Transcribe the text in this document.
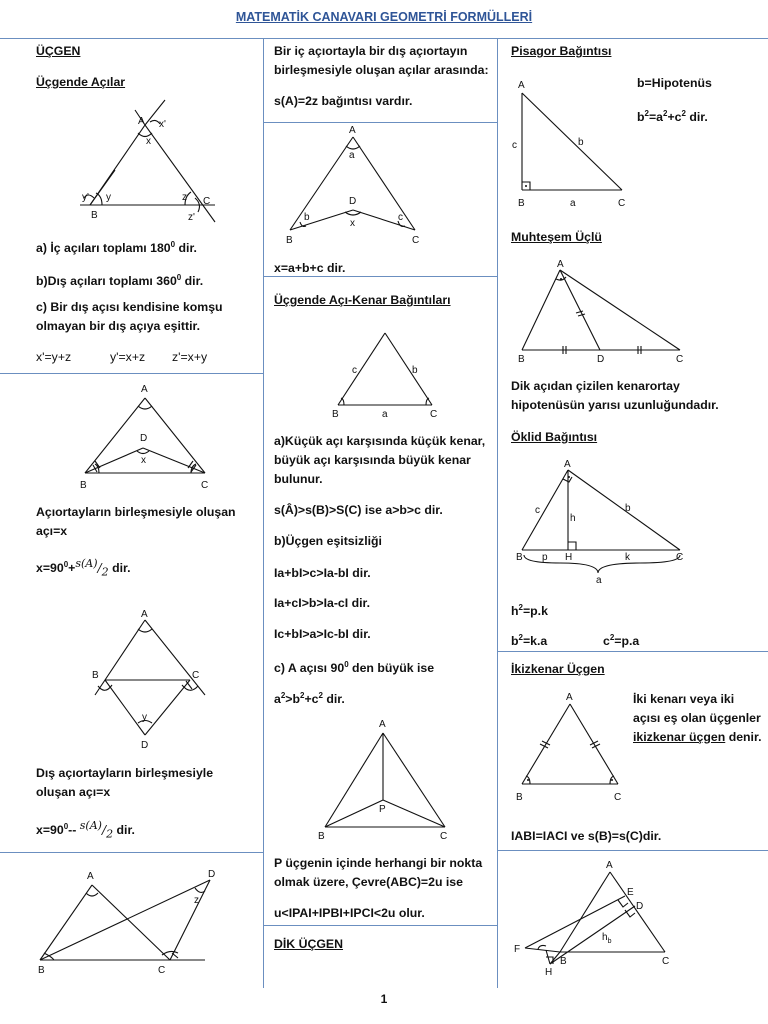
MATEMATİK CANAVARI GEOMETRİ FORMÜLLERİ
ÜÇGEN
Üçgende Açılar
A x'
x
y' y
B
z C
z'
a) İç açıları toplamı $180^0$ dir.
b)Dış açıları toplamı $360^0$ dir.
c) Bir dış açısı kendisine komşu olmayan bir dış açıya eşittir.
x'=y+z	y'=x+z z'=x+y
A
D
x
B	C
Açıortayların birleşmesiyle oluşan açı=x
$x=90^0+^{s(A)}/_2$ dir.
A
B	C
y
D
Dış açıortayların birleşmesiyle oluşan açı=x
$x=90^0--$ $^{s(A)}/_2$ dir.
A	D
z
B	C
Bir iç açıortayla bir dış açıortayın birleşmesiyle oluşan açılar arasında:
s(A)=2z bağıntısı vardır.
A
a
D
x
b	c
B	C
x=a+b+c dir.
Üçgende Açı-Kenar Bağıntıları
c	b
B	a	C
a)Küçük açı karşısında küçük kenar, büyük açı karşısında büyük kenar bulunur.
s(Â)>s(B)>S(C) ise a>b>c dir.
b)Üçgen eşitsizliği
Ia+bI>c>Ia-bI dir.
Ia+cI>b>Ia-cI dir.
Ic+bI>a>Ic-bI dir.
c) A açısı $90^0$ den büyük ise
$a^2>b^2+c^2$ dir.
A
P
B	C
P üçgenin içinde herhangi bir nokta olmak üzere, Çevre(ABC)=2u ise
u<IPAI+IPBI+IPCI<2u olur.
DİK ÜÇGEN
Pisagor Bağıntısı
b=Hipotenüs
$b^2=a^2+c^2$ dir.
A
c	b
B	a	C
Muhteşem Üçlü
A
B	D	C
Dik açıdan çizilen kenarortay hipotenüsün yarısı uzunluğundadır.
Öklid Bağıntısı
A
c	b
h
B p H	k	C
a
$h^2=p.k$
$b^2=k.a$	$c^2=p.a$
İkizkenar Üçgen
İki kenarı veya iki açısı eş olan üçgenler ikizkenar üçgen denir.
A
B	C
IABI=IACI ve s(B)=s(C)dir.
A
E
D
$h_b$
F
H
B	C
1
